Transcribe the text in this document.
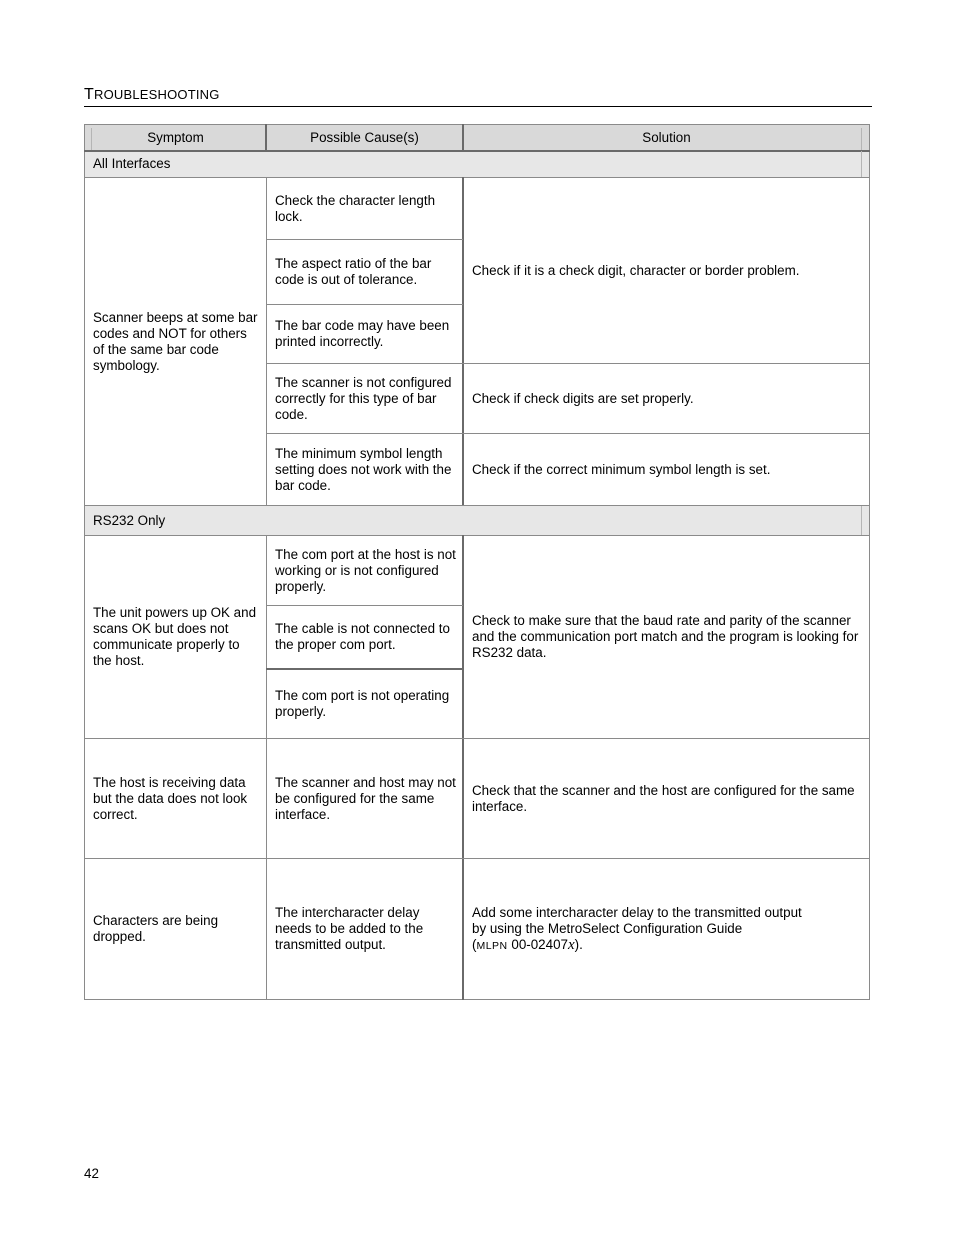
TROUBLESHOOTING
Symptom	Possible Cause(s)	Solution
All Interfaces
Scanner beeps at some bar codes and NOT for others of the same bar code symbology.
Check the character length lock.
The aspect ratio of the bar code is out of tolerance.
The bar code may have been printed incorrectly.
The scanner is not configured correctly for this type of bar code.
The minimum symbol length setting does not work with the bar code.
Check if it is a check digit, character or border problem.
Check if check digits are set properly.
Check if the correct minimum symbol length is set.
RS232 Only
The unit powers up OK and scans OK but does not communicate properly to the host.
The com port at the host is not working or is not configured properly.
The cable is not connected to the proper com port.
The com port is not operating properly.
Check to make sure that the baud rate and parity of the scanner and the communication port match and the program is looking for RS232 data.
The host is receiving data but the data does not look correct.
The scanner and host may not be configured for the same interface.
Check that the scanner and the host are configured for the same interface.
Characters are being dropped.
The intercharacter delay needs to be added to the transmitted output.
Add some intercharacter delay to the transmitted output
by using the MetroSelect Configuration Guide
(MLPN 00-02407x).
42
